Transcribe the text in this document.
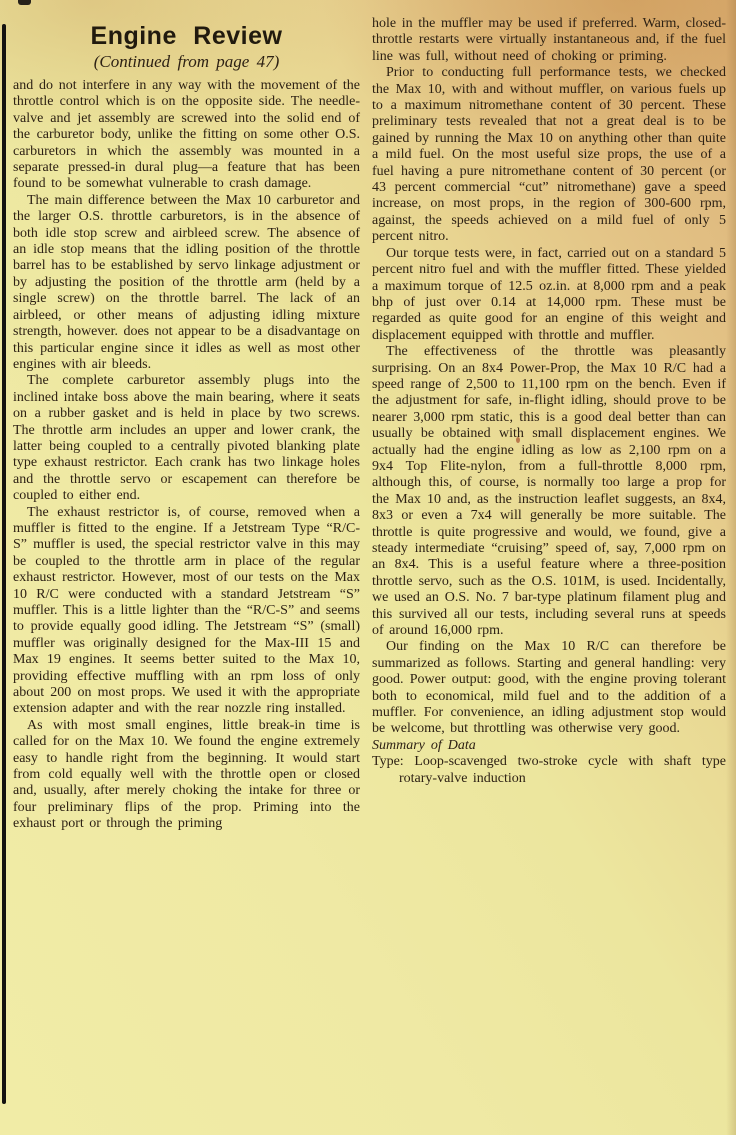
Engine Review
(Continued from page 47)

and do not interfere in any way with the movement of the throttle control which is on the opposite side. The needle-valve and jet assembly are screwed into the solid end of the carburetor body, unlike the fitting on some other O.S. carburetors in which the assembly was mounted in a separate pressed-in dural plug—a feature that has been found to be somewhat vulnerable to crash damage.

The main difference between the Max 10 carburetor and the larger O.S. throttle carburetors, is in the absence of both idle stop screw and airbleed screw. The absence of an idle stop means that the idling position of the throttle barrel has to be established by servo linkage adjustment or by adjusting the position of the throttle arm (held by a single screw) on the throttle barrel. The lack of an airbleed, or other means of adjusting idling mixture strength, however. does not appear to be a disadvantage on this particular engine since it idles as well as most other engines with air bleeds.

The complete carburetor assembly plugs into the inclined intake boss above the main bearing, where it seats on a rubber gasket and is held in place by two screws. The throttle arm includes an upper and lower crank, the latter being coupled to a centrally pivoted blanking plate type exhaust restrictor. Each crank has two linkage holes and the throttle servo or escapement can therefore be coupled to either end.

The exhaust restrictor is, of course, removed when a muffler is fitted to the engine. If a Jetstream Type “R/C-S” muffler is used, the special restrictor valve in this may be coupled to the throttle arm in place of the regular exhaust restrictor. However, most of our tests on the Max 10 R/C were conducted with a standard Jetstream “S” muffler. This is a little lighter than the “R/C-S” and seems to provide equally good idling. The Jetstream “S” (small) muffler was originally designed for the Max-III 15 and Max 19 engines. It seems better suited to the Max 10, providing effective muffling with an rpm loss of only about 200 on most props. We used it with the appropriate extension adapter and with the rear nozzle ring installed.

As with most small engines, little break-in time is called for on the Max 10. We found the engine extremely easy to handle right from the beginning. It would start from cold equally well with the throttle open or closed and, usually, after merely choking the intake for three or four preliminary flips of the prop. Priming into the exhaust port or through the priming

hole in the muffler may be used if preferred. Warm, closed-throttle restarts were virtually instantaneous and, if the fuel line was full, without need of choking or priming.

Prior to conducting full performance tests, we checked the Max 10, with and without muffler, on various fuels up to a maximum nitromethane content of 30 percent. These preliminary tests revealed that not a great deal is to be gained by running the Max 10 on anything other than quite a mild fuel. On the most useful size props, the use of a fuel having a pure nitromethane content of 30 percent (or 43 percent commercial “cut” nitromethane) gave a speed increase, on most props, in the region of 300-600 rpm, against, the speeds achieved on a mild fuel of only 5 percent nitro.

Our torque tests were, in fact, carried out on a standard 5 percent nitro fuel and with the muffler fitted. These yielded a maximum torque of 12.5 oz.in. at 8,000 rpm and a peak bhp of just over 0.14 at 14,000 rpm. These must be regarded as quite good for an engine of this weight and displacement equipped with throttle and muffler.

The effectiveness of the throttle was pleasantly surprising. On an 8x4 Power-Prop, the Max 10 R/C had a speed range of 2,500 to 11,100 rpm on the bench. Even if the adjustment for safe, in-flight idling, should prove to be nearer 3,000 rpm static, this is a good deal better than can usually be obtained with small displacement engines. We actually had the engine idling as low as 2,100 rpm on a 9x4 Top Flite-nylon, from a full-throttle 8,000 rpm, although this, of course, is normally too large a prop for the Max 10 and, as the instruction leaflet suggests, an 8x4, 8x3 or even a 7x4 will generally be more suitable. The throttle is quite progressive and would, we found, give a steady intermediate “cruising” speed of, say, 7,000 rpm on an 8x4. This is a useful feature where a three-position throttle servo, such as the O.S. 101M, is used. Incidentally, we used an O.S. No. 7 bar-type platinum filament plug and this survived all our tests, including several runs at speeds of around 16,000 rpm.

Our finding on the Max 10 R/C can therefore be summarized as follows. Starting and general handling: very good. Power output: good, with the engine proving tolerant both to economical, mild fuel and to the addition of a muffler. For convenience, an idling adjustment stop would be welcome, but throttling was otherwise very good.

Summary of Data

Type: Loop-scavenged two-stroke cycle with shaft type rotary-valve induction
